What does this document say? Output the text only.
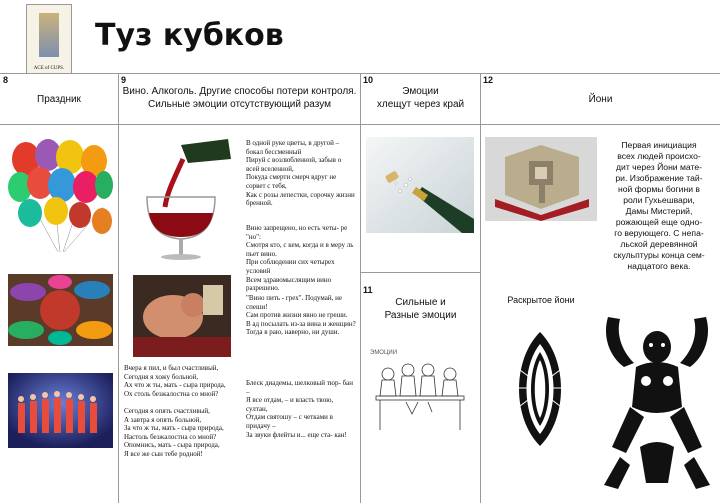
ACE of CUPS.
Туз кубков
8
Праздник
9
Вино. Алкоголь. Другие способы потери контроля.
Сильные эмоции отсутствующий разум
10
Эмоции
хлещут через край
12
Йони
Вчера я пил, и был счастливый,
Сегодня я хожу больной,
Ах что ж ты, мать - сыра природа,
Ох столь безжалостна со мной?

Сегодня я опять счастливый,
А завтра я опять больной,
За что ж ты, мать - сыра природа,
Настоль безжалостна со мной?
Опомнись, мать - сыра природа,
Я все же сын тебе родной!
В одной руке цветы, в другой – бокал бессменный
Пируй с возлюбленной, забыв о всей вселенной,
Покуда смерти смерч вдруг не сорвет с тебя,
Как с розы лепестки, сорочку жизни бренной.
Вино запрещено, но есть четы- ре "но":
Смотря кто, с кем, когда и в меру ль пьет вино.
При соблюдении сих четырех условий
Всем здравомыслящим вино разрешено.
"Вино пить - грех". Подумай, не спеши!
Сам против жизни явно не греши.
В ад посылать из-за вина и женщин?
Тогда в раю, наверно, ни души.
Блеск диадемы, шелковый тюр- бан –
Я все отдам, – и власть твою, султан,
Отдам святошу – с четками в придачу –
За звуки флейты и... еще ста- кан!
11
Сильные и
Разные эмоции
ЭМОЦИИ
Раскрытое йони
Первая инициация
всех людей происхо-
дит через Йони мате-
ри. Изображение тай-
ной формы богини в
роли Гухьешвари,
Дамы Мистерий,
рожающей еще одно-
го верующего. С непа-
льской деревянной
скульптуры конца сем-
надцатого века.
